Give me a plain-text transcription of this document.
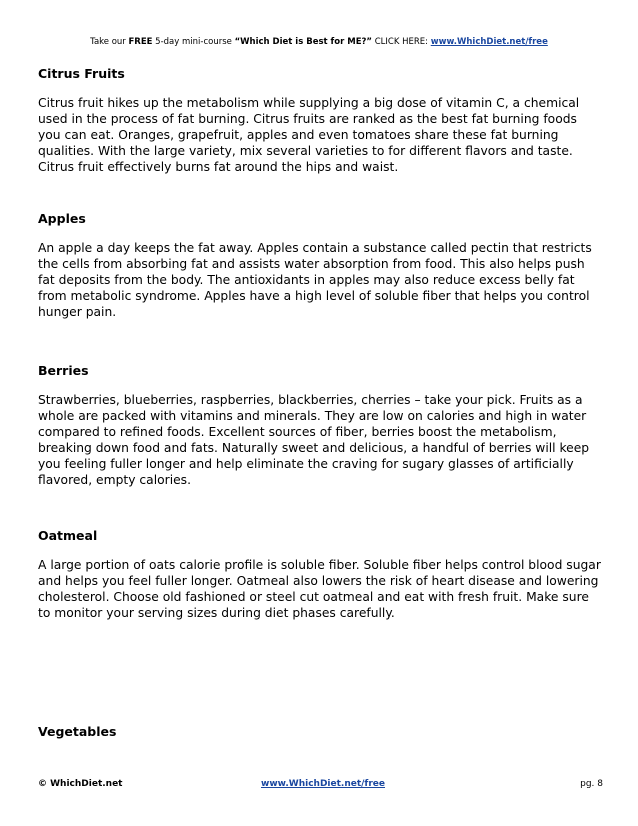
Take our FREE 5-day mini-course “Which Diet is Best for ME?” CLICK HERE: www.WhichDiet.net/free
Citrus Fruits

Citrus fruit hikes up the metabolism while supplying a big dose of vitamin C, a chemical used in the process of fat burning. Citrus fruits are ranked as the best fat burning foods you can eat. Oranges, grapefruit, apples and even tomatoes share these fat burning qualities. With the large variety, mix several varieties to for different flavors and taste. Citrus fruit effectively burns fat around the hips and waist.

Apples

An apple a day keeps the fat away. Apples contain a substance called pectin that restricts the cells from absorbing fat and assists water absorption from food. This also helps push fat deposits from the body. The antioxidants in apples may also reduce excess belly fat from metabolic syndrome. Apples have a high level of soluble fiber that helps you control hunger pain.

Berries

Strawberries, blueberries, raspberries, blackberries, cherries – take your pick. Fruits as a whole are packed with vitamins and minerals. They are low on calories and high in water compared to refined foods. Excellent sources of fiber, berries boost the metabolism, breaking down food and fats. Naturally sweet and delicious, a handful of berries will keep you feeling fuller longer and help eliminate the craving for sugary glasses of artificially flavored, empty calories.

Oatmeal

A large portion of oats calorie profile is soluble fiber. Soluble fiber helps control blood sugar and helps you feel fuller longer. Oatmeal also lowers the risk of heart disease and lowering cholesterol. Choose old fashioned or steel cut oatmeal and eat with fresh fruit. Make sure to monitor your serving sizes during diet phases carefully.

Vegetables
© WhichDiet.net	www.WhichDiet.net/free	pg. 8
